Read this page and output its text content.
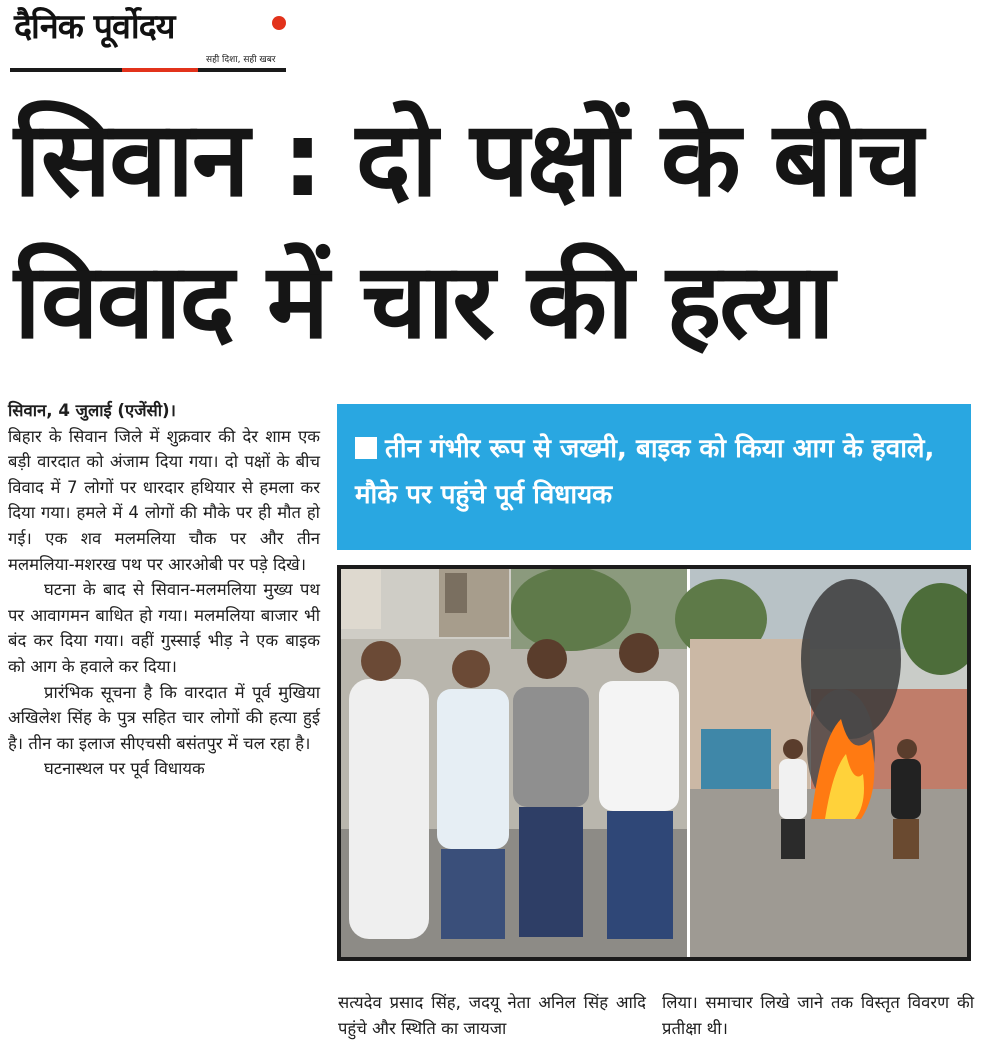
दैनिक पूर्वोदय
सही दिशा, सही खबर
सिवान : दो पक्षों के बीच
विवाद में चार की हत्या

सिवान, 4 जुलाई (एजेंसी)।

बिहार के सिवान जिले में शुक्रवार की देर शाम एक बड़ी वारदात को अंजाम दिया गया। दो पक्षों के बीच विवाद में 7 लोगों पर धारदार हथियार से हमला कर दिया गया। हमले में 4 लोगों की मौके पर ही मौत हो गई। एक शव मलमलिया चौक पर और तीन मलमलिया-मशरख पथ पर आरओबी पर पड़े दिखे।

घटना के बाद से सिवान-मलमलिया मुख्य पथ पर आवागमन बाधित हो गया। मलमलिया बाजार भी बंद कर दिया गया। वहीं गुस्साई भीड़ ने एक बाइक को आग के हवाले कर दिया।

प्रारंभिक सूचना है कि वारदात में पूर्व मुखिया अखिलेश सिंह के पुत्र सहित चार लोगों की हत्या हुई है। तीन का इलाज सीएचसी बसंतपुर में चल रहा है।

घटनास्थल पर पूर्व विधायक

तीन गंभीर रूप से जख्मी, बाइक को किया आग के हवाले, मौके पर पहुंचे पूर्व विधायक

सत्यदेव प्रसाद सिंह, जदयू नेता अनिल सिंह आदि पहुंचे और स्थिति का जायजा

लिया। समाचार लिखे जाने तक विस्तृत विवरण की प्रतीक्षा थी।
